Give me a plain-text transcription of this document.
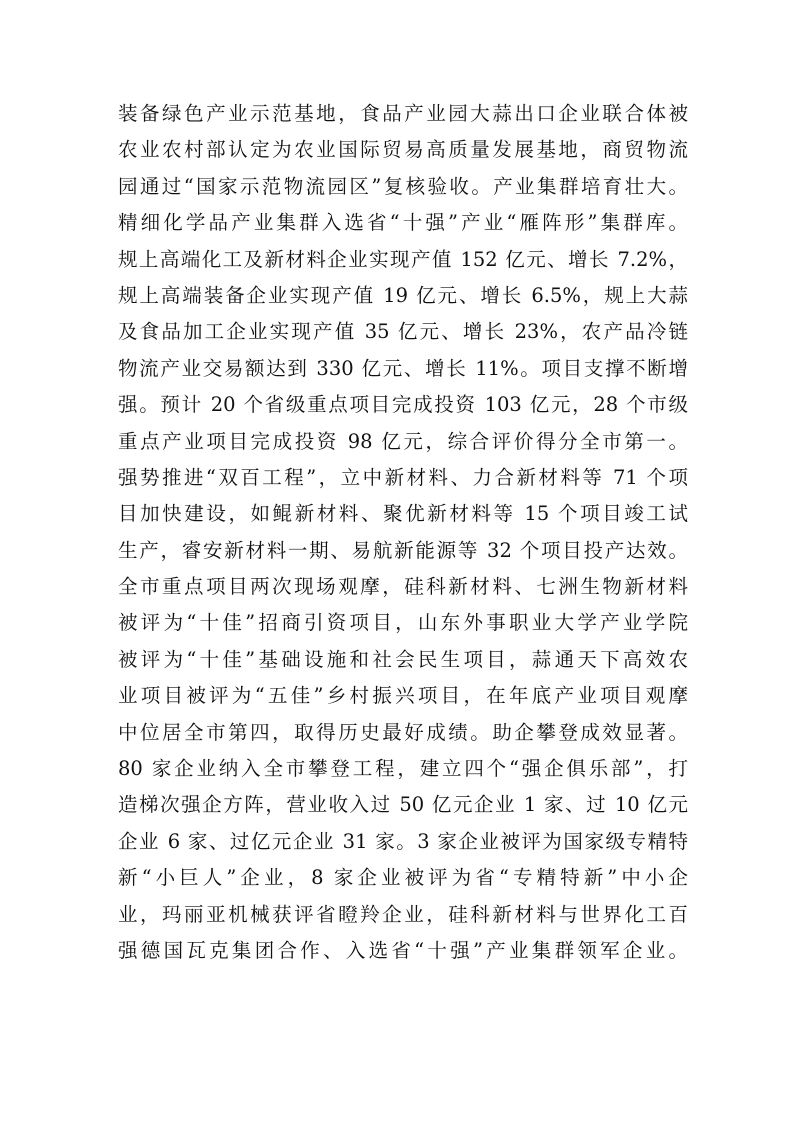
装备绿色产业示范基地，食品产业园大蒜出口企业联合体被
农业农村部认定为农业国际贸易高质量发展基地，商贸物流
园通过“国家示范物流园区”复核验收。产业集群培育壮大。
精细化学品产业集群入选省“十强”产业“雁阵形”集群库。
规上高端化工及新材料企业实现产值 152 亿元、增长 7.2%，
规上高端装备企业实现产值 19 亿元、增长 6.5%，规上大蒜
及食品加工企业实现产值 35 亿元、增长 23%，农产品冷链
物流产业交易额达到 330 亿元、增长 11%。项目支撑不断增
强。预计 20 个省级重点项目完成投资 103 亿元，28 个市级
重点产业项目完成投资 98 亿元，综合评价得分全市第一。
强势推进“双百工程”，立中新材料、力合新材料等 71 个项
目加快建设，如鲲新材料、聚优新材料等 15 个项目竣工试
生产，睿安新材料一期、易航新能源等 32 个项目投产达效。
全市重点项目两次现场观摩，硅科新材料、七洲生物新材料
被评为“十佳”招商引资项目，山东外事职业大学产业学院
被评为“十佳”基础设施和社会民生项目，蒜通天下高效农
业项目被评为“五佳”乡村振兴项目，在年底产业项目观摩
中位居全市第四，取得历史最好成绩。助企攀登成效显著。
80 家企业纳入全市攀登工程，建立四个“强企俱乐部”，打
造梯次强企方阵，营业收入过 50 亿元企业 1 家、过 10 亿元
企业 6 家、过亿元企业 31 家。3 家企业被评为国家级专精特
新“小巨人”企业，8 家企业被评为省“专精特新”中小企
业，玛丽亚机械获评省瞪羚企业，硅科新材料与世界化工百
强德国瓦克集团合作、入选省“十强”产业集群领军企业。
